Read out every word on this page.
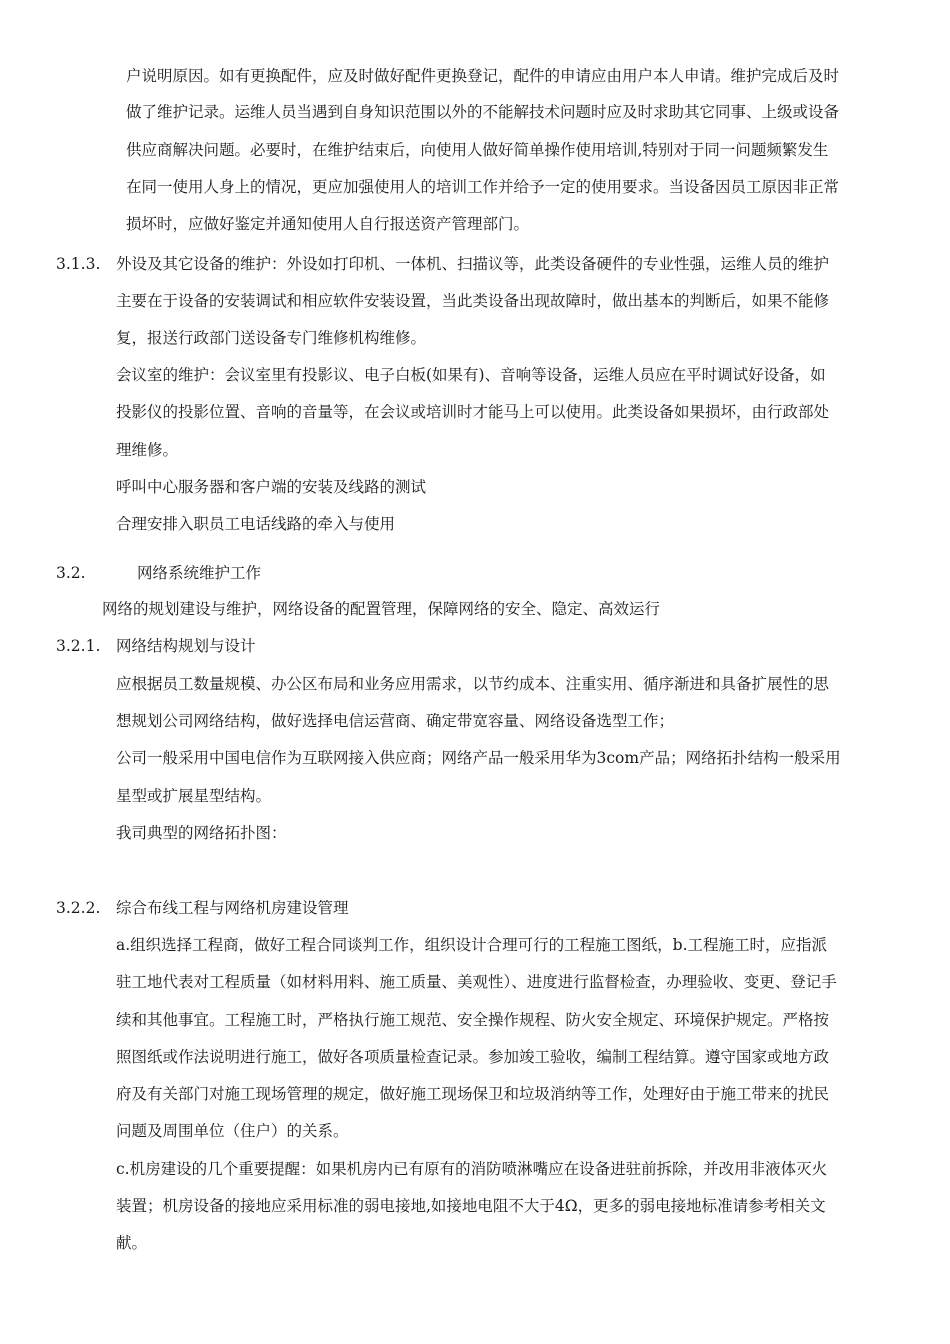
户说明原因。如有更换配件，应及时做好配件更换登记，配件的申请应由用户本人申请。维护完成后及时
做了维护记录。运维人员当遇到自身知识范围以外的不能解技术问题时应及时求助其它同事、上级或设备
供应商解决问题。必要时，在维护结束后，向使用人做好简单操作使用培训,特别对于同一问题频繁发生
在同一使用人身上的情况，更应加强使用人的培训工作并给予一定的使用要求。当设备因员工原因非正常
损坏时，应做好鉴定并通知使用人自行报送资产管理部门。
3.1.3. 外设及其它设备的维护：外设如打印机、一体机、扫描议等，此类设备硬件的专业性强，运维人员的维护
主要在于设备的安装调试和相应软件安装设置，当此类设备出现故障时，做出基本的判断后，如果不能修
复，报送行政部门送设备专门维修机构维修。
会议室的维护：会议室里有投影议、电子白板(如果有)、音响等设备，运维人员应在平时调试好设备，如
投影仪的投影位置、音响的音量等，在会议或培训时才能马上可以使用。此类设备如果损坏，由行政部处
理维修。
呼叫中心服务器和客户端的安装及线路的测试
合理安排入职员工电话线路的牵入与使用
3.2.	网络系统维护工作
网络的规划建设与维护，网络设备的配置管理，保障网络的安全、隐定、高效运行
3.2.1. 网络结构规划与设计
应根据员工数量规模、办公区布局和业务应用需求，以节约成本、注重实用、循序渐进和具备扩展性的思
想规划公司网络结构，做好选择电信运营商、确定带宽容量、网络设备选型工作；
公司一般采用中国电信作为互联网接入供应商；网络产品一般采用华为3com产品；网络拓扑结构一般采用
星型或扩展星型结构。
我司典型的网络拓扑图：
3.2.2. 综合布线工程与网络机房建设管理
a.组织选择工程商，做好工程合同谈判工作，组织设计合理可行的工程施工图纸，b.工程施工时，应指派
驻工地代表对工程质量（如材料用料、施工质量、美观性）、进度进行监督检查，办理验收、变更、登记手
续和其他事宜。工程施工时，严格执行施工规范、安全操作规程、防火安全规定、环境保护规定。严格按
照图纸或作法说明进行施工，做好各项质量检查记录。参加竣工验收，编制工程结算。遵守国家或地方政
府及有关部门对施工现场管理的规定，做好施工现场保卫和垃圾消纳等工作，处理好由于施工带来的扰民
问题及周围单位（住户）的关系。
c.机房建设的几个重要提醒：如果机房内已有原有的消防喷淋嘴应在设备进驻前拆除，并改用非液体灭火
装置；机房设备的接地应采用标准的弱电接地,如接地电阻不大于4Ω，更多的弱电接地标准请参考相关文
献。
